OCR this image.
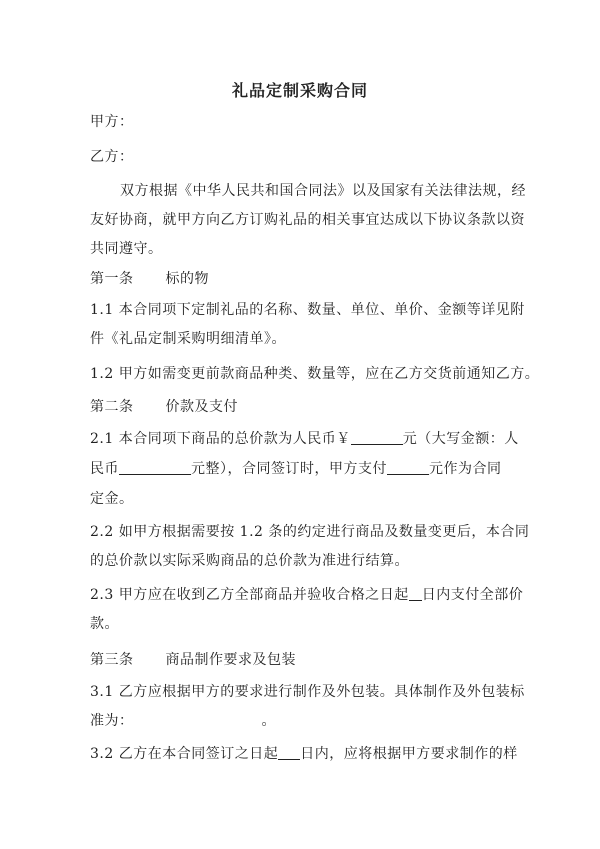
礼品定制采购合同
甲方：
乙方：
双方根据《中华人民共和国合同法》以及国家有关法律法规，经
友好协商，就甲方向乙方订购礼品的相关事宜达成以下协议条款以资
共同遵守。
第一条 标的物
1.1 本合同项下定制礼品的名称、数量、单位、单价、金额等详见附
件《礼品定制采购明细清单》。
1.2 甲方如需变更前款商品种类、数量等，应在乙方交货前通知乙方。
第二条 价款及支付
2.1 本合同项下商品的总价款为人民币￥	元（大写金额：人
民币	元整），合同签订时，甲方支付	元作为合同
定金。
2.2 如甲方根据需要按 1.2 条的约定进行商品及数量变更后，本合同
的总价款以实际采购商品的总价款为准进行结算。
2.3 甲方应在收到乙方全部商品并验收合格之日起 日内支付全部价
款。
第三条 商品制作要求及包装
3.1 乙方应根据甲方的要求进行制作及外包装。具体制作及外包装标
准为：	。
3.2 乙方在本合同签订之日起 日内，应将根据甲方要求制作的样
